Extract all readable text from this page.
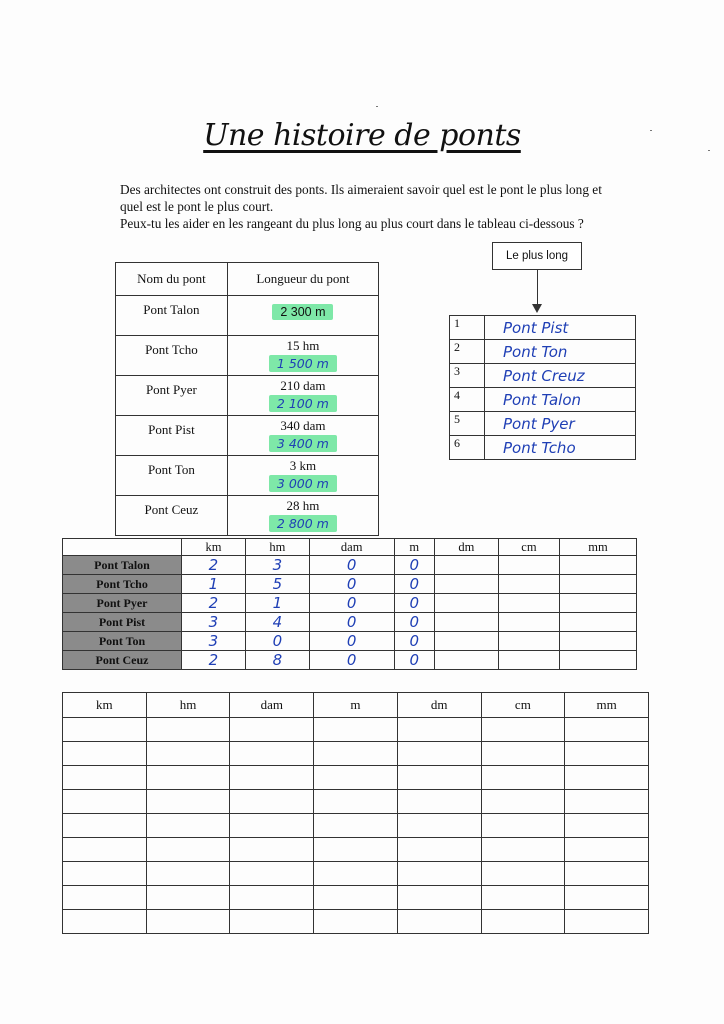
Une histoire de ponts

Des architectes ont construit des ponts. Ils aimeraient savoir quel est le pont le plus long et quel est le pont le plus court.

Peux-tu les aider en les rangeant du plus long au plus court dans le tableau ci-dessous ?

Nom du pont	Longueur du pont
Pont Talon	2 300 m
Pont Tcho	15 hm
1 500 m
Pont Pyer	210 dam
2 100 m
Pont Pist	340 dam
3 400 m
Pont Ton	3 km
3 000 m
Pont Ceuz	28 hm
2 800 m
Le plus long
1	Pont Pist
2	Pont Ton
3	Pont Creuz
4	Pont Talon
5	Pont Pyer
6	Pont Tcho
	km	hm	dam	m	dm	cm	mm
Pont Talon	2	3	0	0			
Pont Tcho	1	5	0	0			
Pont Pyer	2	1	0	0			
Pont Pist	3	4	0	0			
Pont Ton	3	0	0	0			
Pont Ceuz	2	8	0	0			
km	hm	dam	m	dm	cm	mm
